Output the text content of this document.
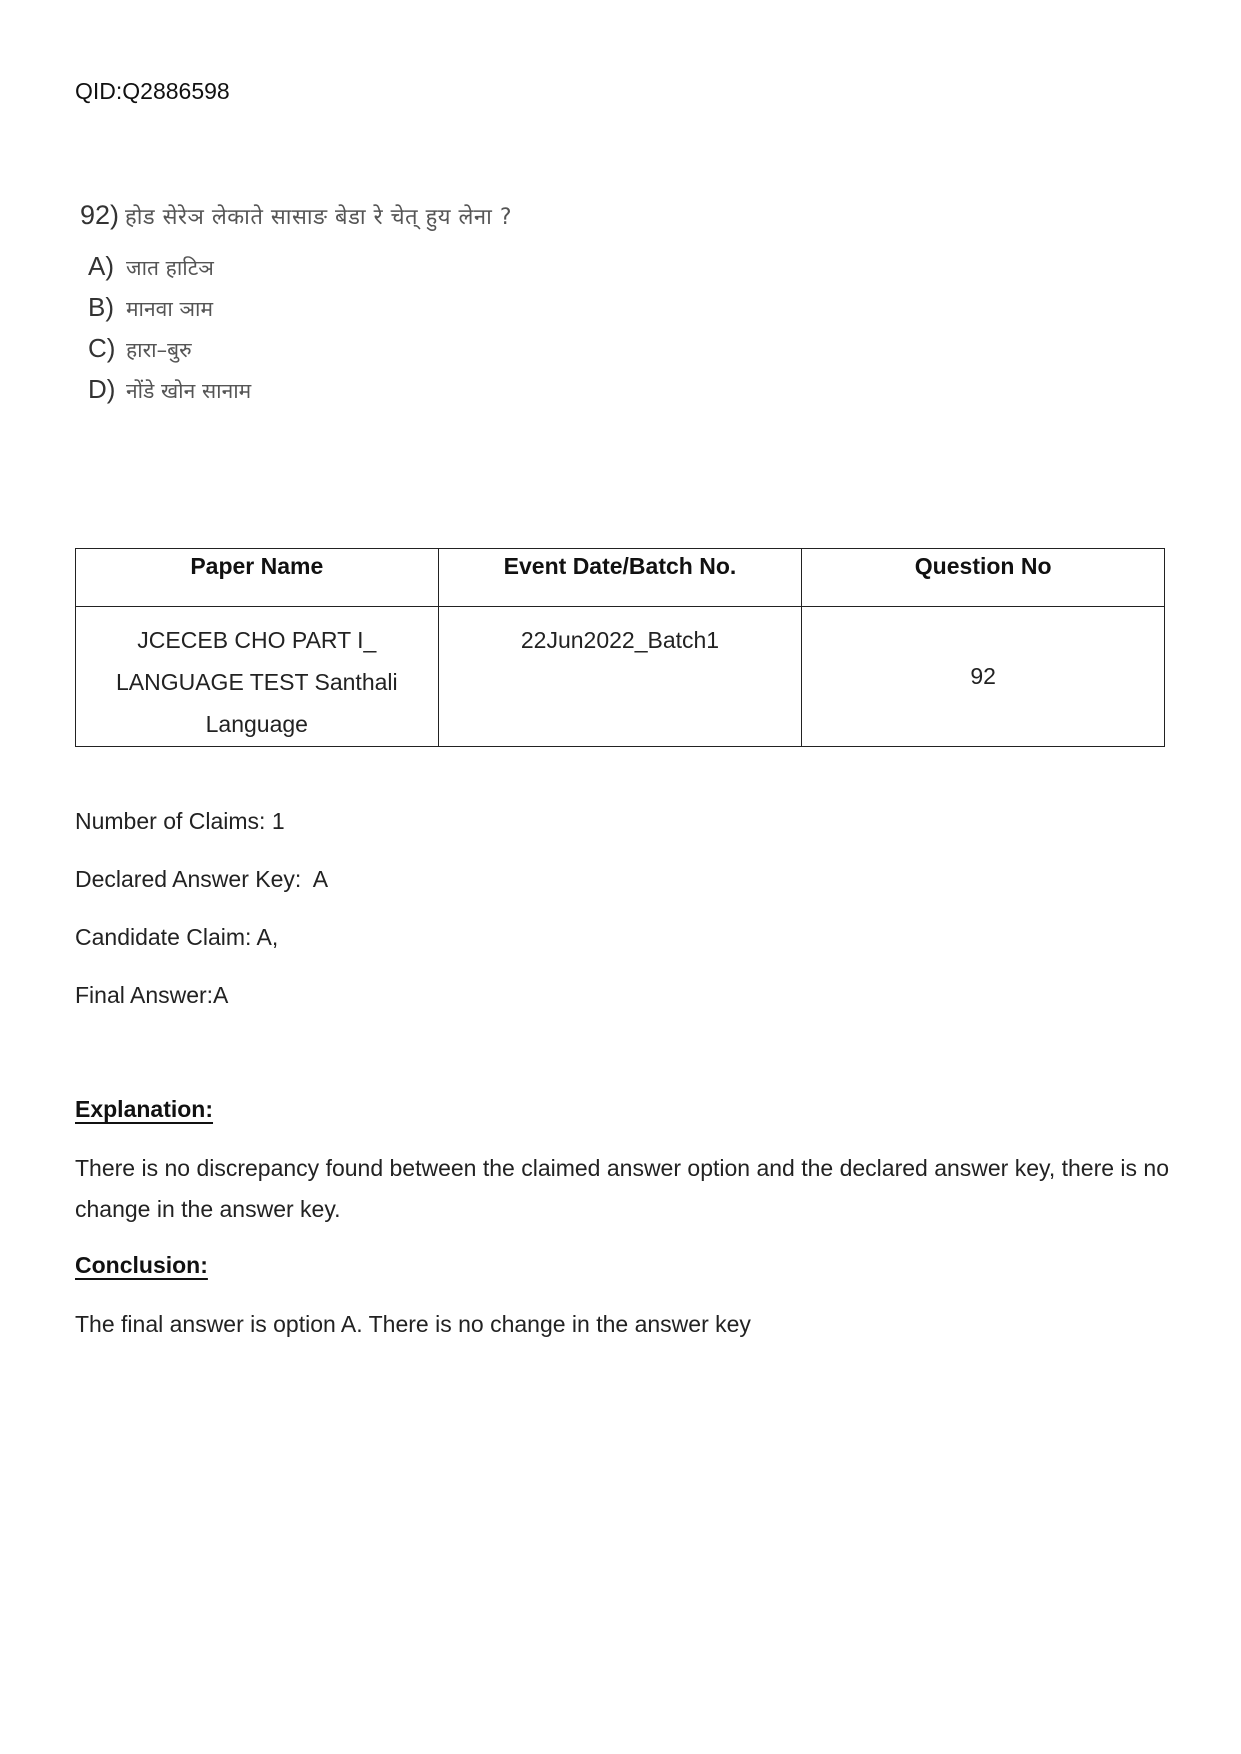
QID:Q2886598
92) होड सेरेञ लेकाते सासाङ बेडा रे चेत् हुय लेना ?
A) जात हाटिञ
B) मानवा ञाम
C) हारा–बुरु
D) नोंडे खोन सानाम
Paper Name	Event Date/Batch No.	Question No
JCECEB CHO PART I_ LANGUAGE TEST Santhali Language	22Jun2022_Batch1	92
Number of Claims: 1
Declared Answer Key:  A
Candidate Claim: A,
Final Answer:A
Explanation:
There is no discrepancy found between the claimed answer option and the declared answer key, there is no change in the answer key.
Conclusion:
The final answer is option A. There is no change in the answer key
